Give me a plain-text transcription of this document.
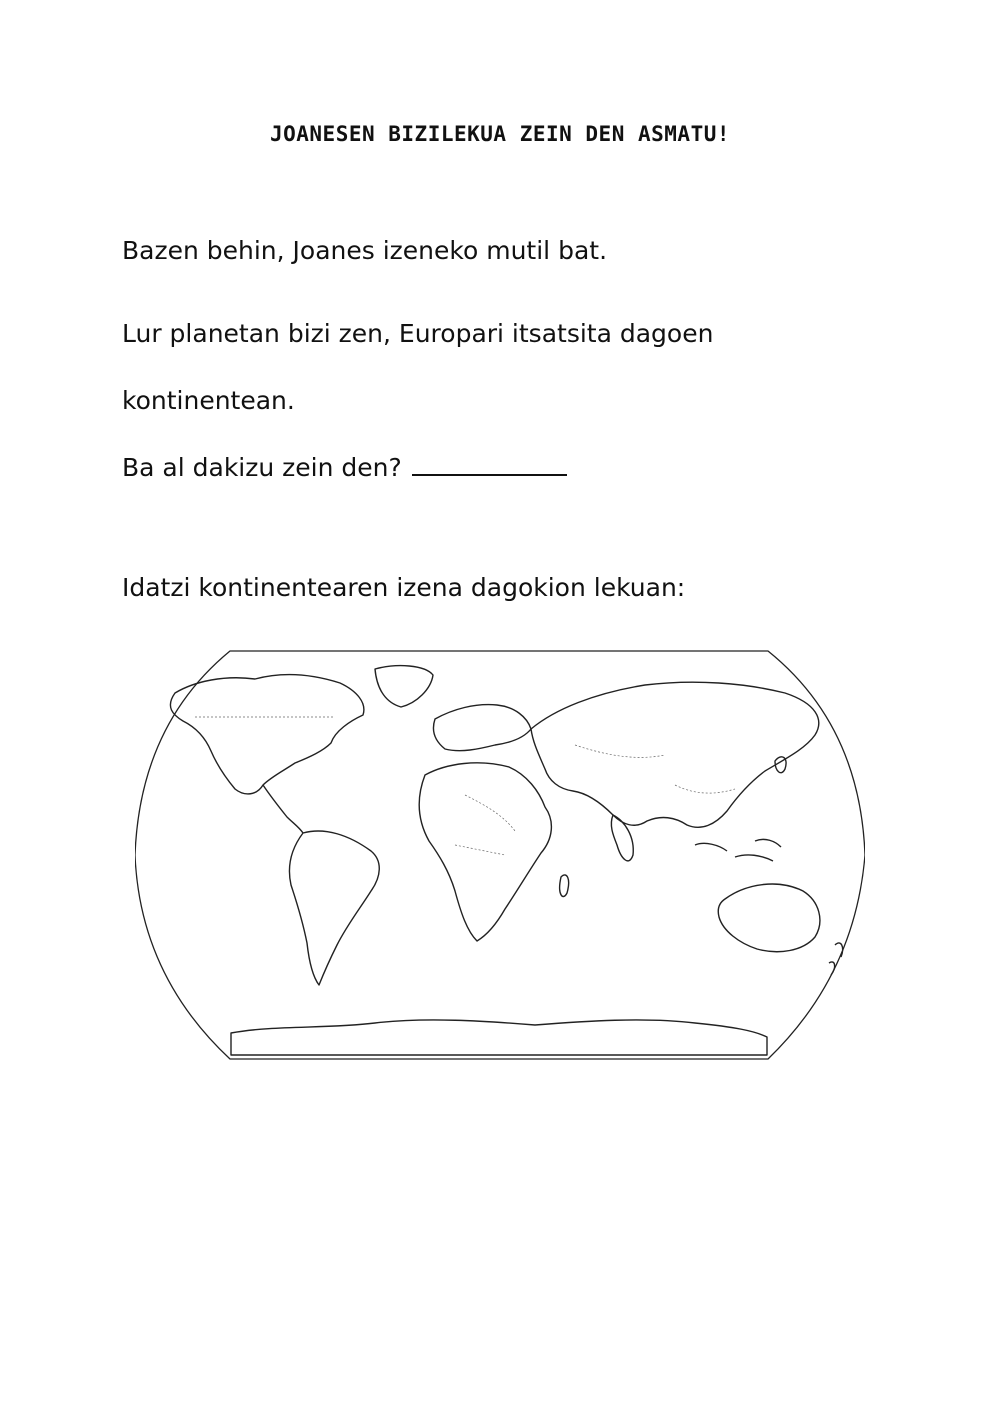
JOANESEN BIZILEKUA ZEIN DEN ASMATU!

Bazen behin, Joanes izeneko mutil bat.

Lur planetan bizi zen, Europari itsatsita dagoen

kontinentean.

Ba al dakizu zein den?

Idatzi kontinentearen izena dagokion lekuan:
